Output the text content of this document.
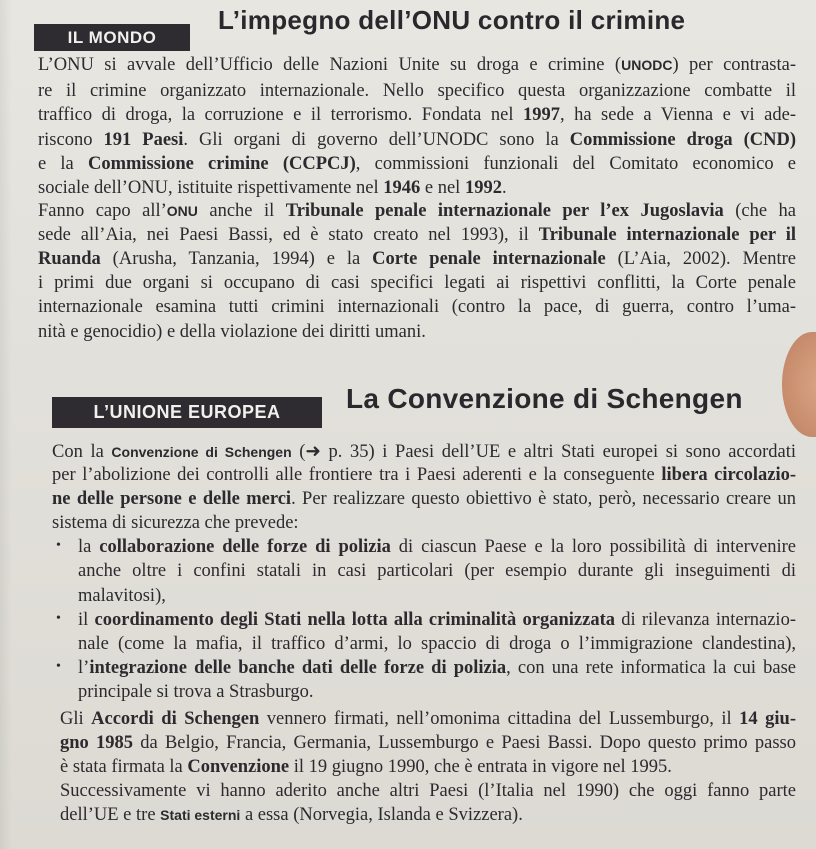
IL MONDO
L’impegno dell’ONU contro il crimine
L’ONU si avvale dell’Ufficio delle Nazioni Unite su droga e crimine (UNODC) per contrasta-
re il crimine organizzato internazionale. Nello specifico questa organizzazione combatte il
traffico di droga, la corruzione e il terrorismo. Fondata nel 1997, ha sede a Vienna e vi ade-
riscono 191 Paesi. Gli organi di governo dell’UNODC sono la Commissione droga (CND)
e la Commissione crimine (CCPCJ), commissioni funzionali del Comitato economico e
sociale dell’ONU, istituite rispettivamente nel 1946 e nel 1992.
Fanno capo all’ONU anche il Tribunale penale internazionale per l’ex Jugoslavia (che ha
sede all’Aia, nei Paesi Bassi, ed è stato creato nel 1993), il Tribunale internazionale per il
Ruanda (Arusha, Tanzania, 1994) e la Corte penale internazionale (L’Aia, 2002). Mentre
i primi due organi si occupano di casi specifici legati ai rispettivi conflitti, la Corte penale
internazionale esamina tutti crimini internazionali (contro la pace, di guerra, contro l’uma-
nità e genocidio) e della violazione dei diritti umani.
L’UNIONE EUROPEA	La Convenzione di Schengen
Con la Convenzione di Schengen (➜ p. 35) i Paesi dell’UE e altri Stati europei si sono accordati
per l’abolizione dei controlli alle frontiere tra i Paesi aderenti e la conseguente libera circolazio-
ne delle persone e delle merci. Per realizzare questo obiettivo è stato, però, necessario creare un
sistema di sicurezza che prevede:
la collaborazione delle forze di polizia di ciascun Paese e la loro possibilità di intervenire
•
anche oltre i confini statali in casi particolari (per esempio durante gli inseguimenti di
malavitosi),
il coordinamento degli Stati nella lotta alla criminalità organizzata di rilevanza internazio-
•
nale (come la mafia, il traffico d’armi, lo spaccio di droga o l’immigrazione clandestina),
l’integrazione delle banche dati delle forze di polizia, con una rete informatica la cui base
•
principale si trova a Strasburgo.
Gli Accordi di Schengen vennero firmati, nell’omonima cittadina del Lussemburgo, il 14 giu-
gno 1985 da Belgio, Francia, Germania, Lussemburgo e Paesi Bassi. Dopo questo primo passo
è stata firmata la Convenzione il 19 giugno 1990, che è entrata in vigore nel 1995.
Successivamente vi hanno aderito anche altri Paesi (l’Italia nel 1990) che oggi fanno parte
dell’UE e tre Stati esterni a essa (Norvegia, Islanda e Svizzera).
